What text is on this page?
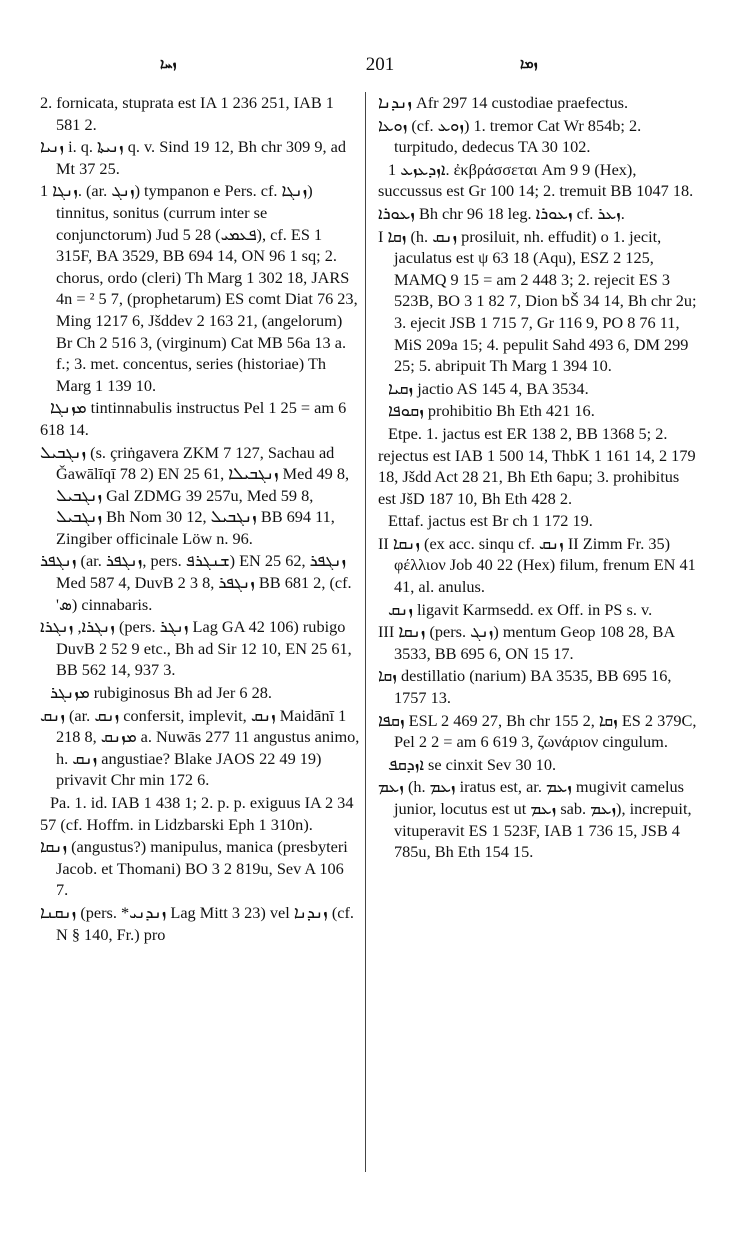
ܙܚܐ	201	ܙܡܐ
2. fornicata, stuprata est IA 1 236 251, IAB 1 581 2.
ܙܢܝܐ i. q. ܙܢܝܬܐ q. v. Sind 19 12, Bh chr 309 9, ad Mt 37 25.
ܙܢܓܐ 1. (ar. ܙܢܓ) tympanon e Pers. cf. ܙܢܓܐ) tinnitus, sonitus (currum inter se conjunctorum) Jud 5 28 (ܦܥܡܝ), cf. ES 1 315F, BA 3529, BB 694 14, ON 96 1 sq; 2. chorus, ordo (cleri) Th Marg 1 302 18, JARS 4n = ² 5 7, (prophetarum) ES comt Diat 76 23, Ming 1217 6, Jšddev 2 163 21, (angelorum) Br Ch 2 516 3, (virginum) Cat MB 56a 13 a. f.; 3. met. concentus, series (historiae) Th Marg 1 139 10.
ܡܙܢܓܐ tintinnabulis instructus Pel 1 25 = am 6 618 14.
ܙܢܓܒܝܠ (s. çriṅgavera ZKM 7 127, Sachau ad Ǧawālīqī 78 2) EN 25 61, ܙܢܓܒܝܠܐ Med 49 8, ܙܢܓܒܝܠ Gal ZDMG 39 257u, Med 59 8, ܙܢܓܒܝܠ Bh Nom 30 12, ܙܢܓܒܝܠ BB 694 11, Zingiber officinale Löw n. 96.
ܙܢܓܦܪ (ar. ܙܢܓܦܪ, pers. ܫܢܓܪܦ) EN 25 62, ܙܢܓܦܪ Med 587 4, DuvB 2 3 8, ܙܢܓܦܪ BB 681 2, (cf. 'ܣ) cinnabaris.
ܙܢܓܪܐ, ܙܢܓܪܐ (pers. ܙܢܓܪ Lag GA 42 106) rubigo DuvB 2 52 9 etc., Bh ad Sir 12 10, EN 25 61, BB 562 14, 937 3.
ܡܙܢܓܪ rubiginosus Bh ad Jer 6 28.
ܙܢܩ (ar. ܙܢܩ confersit, implevit, ܙܢܩ Maidānī 1 218 8, ܡܙܢܩ a. Nuwās 277 11 angustus animo, h. ܙܢܩ angustiae? Blake JAOS 22 49 19) privavit Chr min 172 6.
Pa. 1. id. IAB 1 438 1; 2. p. p. exiguus IA 2 34 57 (cf. Hoffm. in Lidzbarski Eph 1 310n).
ܙܢܩܐ (angustus?) manipulus, manica (presbyteri Jacob. et Thomani) BO 3 2 819u, Sev A 106 7.
ܙܢܩܢܐ (pers. *ܙܢܕܢܝ Lag Mitt 3 23) vel ܙܢܕܢܐ (cf. N § 140, Fr.) pro
ܙܢܕܢܐ Afr 297 14 custodiae praefectus.
ܙܘܥܐ (cf. ܙܘܥ) 1. tremor Cat Wr 854b; 2. turpitudo, dedecus TA 30 102.
ܐܙܕܥܙܥ 1. ἐκβράσσεται Am 9 9 (Hex), succussus est Gr 100 14; 2. tremuit BB 1047 18.
ܙܥܘܪܐ Bh chr 96 18 leg. ܙܥܘܪܐ cf. ܙܥܪ.
I ܙܩܐ (h. ܙܢܩ prosiluit, nh. effudit) o 1. jecit, jaculatus est ψ 63 18 (Aqu), ESZ 2 125, MAMQ 9 15 = am 2 448 3; 2. rejecit ES 3 523B, BO 3 1 82 7, Dion bŠ 34 14, Bh chr 2u; 3. ejecit JSB 1 715 7, Gr 116 9, PO 8 76 11, MiS 209a 15; 4. pepulit Sahd 493 6, DM 299 25; 5. abripuit Th Marg 1 394 10.
ܙܩܝܐ jactio AS 145 4, BA 3534.
ܙܩܘܦܐ prohibitio Bh Eth 421 16.
Etpe. 1. jactus est ER 138 2, BB 1368 5; 2. rejectus est IAB 1 500 14, ThbK 1 161 14, 2 179 18, Jšdd Act 28 21, Bh Eth 6apu; 3. prohibitus est JšD 187 10, Bh Eth 428 2.
Ettaf. jactus est Br ch 1 172 19.
II ܙܢܩܐ (ex acc. sinqu cf. ܙܢܩ II Zimm Fr. 35) φέλλιον Job 40 22 (Hex) filum, frenum EN 41 41, al. anulus.
ܙܢܩ ligavit Karmsedd. ex Off. in PS s. v.
III ܙܢܩܐ (pers. ܙܢܓ) mentum Geop 108 28, BA 3533, BB 695 6, ON 15 17.
ܙܩܐ destillatio (narium) BA 3535, BB 695 16, 1757 13.
ܙܩܦܐ ESL 2 469 27, Bh chr 155 2, ܙܩܐ ES 2 379C, Pel 2 2 = am 6 619 3, ζωνάριον cingulum.
ܐܙܕܩܦ se cinxit Sev 30 10.
ܙܥܡ (h. ܙܥܡ iratus est, ar. ܙܥܡ mugivit camelus junior, locutus est ut ܙܥܡ sab. ܙܥܡ), increpuit, vituperavit ES 1 523F, IAB 1 736 15, JSB 4 785u, Bh Eth 154 15.
